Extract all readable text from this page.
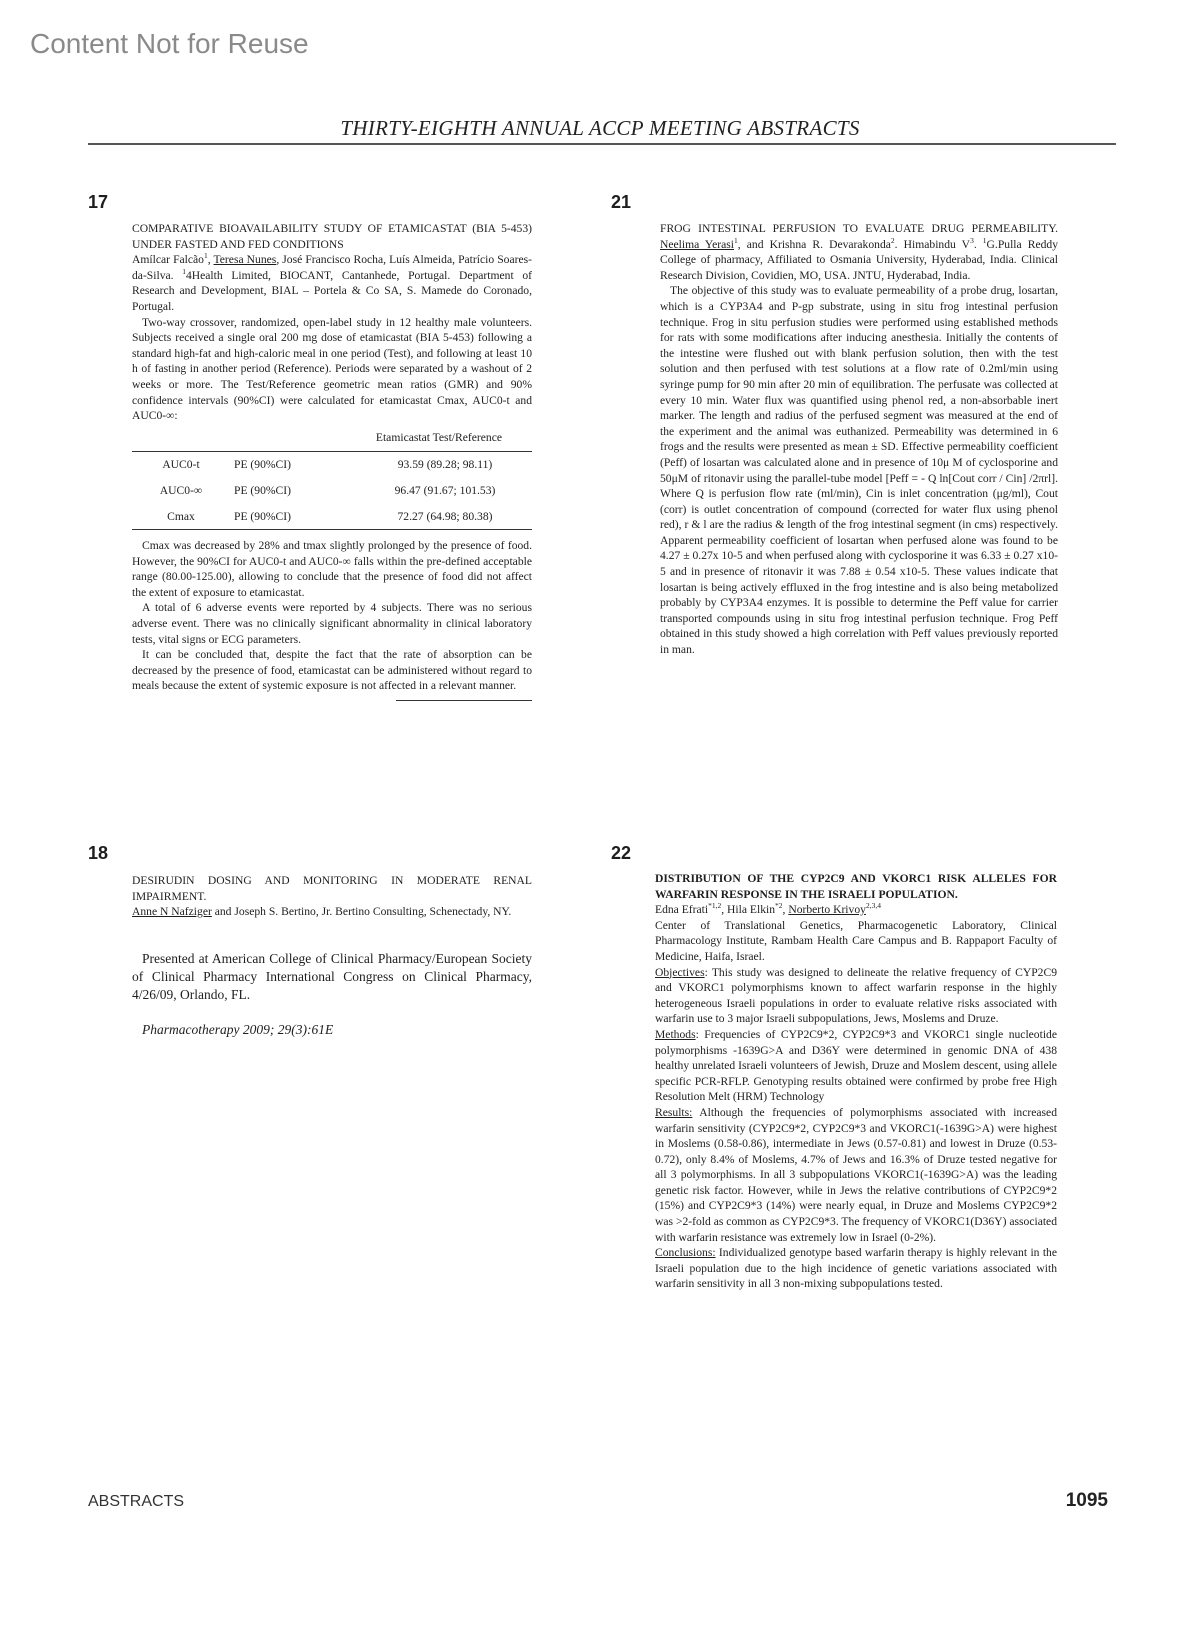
Content Not for Reuse
THIRTY-EIGHTH ANNUAL ACCP MEETING ABSTRACTS
17

COMPARATIVE BIOAVAILABILITY STUDY OF ETAMICASTAT (BIA 5-453) UNDER FASTED AND FED CONDITIONS

Amílcar Falcão$^1$, Teresa Nunes, José Francisco Rocha, Luís Almeida, Patrício Soares-da-Silva. $^1$4Health Limited, BIOCANT, Cantanhede, Portugal. Department of Research and Development, BIAL – Portela & Co SA, S. Mamede do Coronado, Portugal.

Two-way crossover, randomized, open-label study in 12 healthy male volunteers. Subjects received a single oral 200 mg dose of etamicastat (BIA 5-453) following a standard high-fat and high-caloric meal in one period (Test), and following at least 10 h of fasting in another period (Reference). Periods were separated by a washout of 2 weeks or more. The Test/Reference geometric mean ratios (GMR) and 90% confidence intervals (90%CI) were calculated for etamicastat Cmax, AUC0-t and AUC0-∞:

Etamicastat Test/Reference
AUC0-t	PE (90%CI)	93.59 (89.28; 98.11)
AUC0-∞	PE (90%CI)	96.47 (91.67; 101.53)
Cmax	PE (90%CI)	72.27 (64.98; 80.38)

Cmax was decreased by 28% and tmax slightly prolonged by the presence of food. However, the 90%CI for AUC0-t and AUC0-∞ falls within the pre-defined acceptable range (80.00-125.00), allowing to conclude that the presence of food did not affect the extent of exposure to etamicastat.

A total of 6 adverse events were reported by 4 subjects. There was no serious adverse event. There was no clinically significant abnormality in clinical laboratory tests, vital signs or ECG parameters.

It can be concluded that, despite the fact that the rate of absorption can be decreased by the presence of food, etamicastat can be administered without regard to meals because the extent of systemic exposure is not affected in a relevant manner.

18

DESIRUDIN DOSING AND MONITORING IN MODERATE RENAL IMPAIRMENT.

Anne N Nafziger and Joseph S. Bertino, Jr. Bertino Consulting, Schenectady, NY.

Presented at American College of Clinical Pharmacy/European Society of Clinical Pharmacy International Congress on Clinical Pharmacy, 4/26/09, Orlando, FL.

Pharmacotherapy 2009; 29(3):61E
21

FROG INTESTINAL PERFUSION TO EVALUATE DRUG PERMEABILITY. Neelima Yerasi$^1$, and Krishna R. Devarakonda$^2$. Himabindu $V^3$. $^1$G.Pulla Reddy College of pharmacy, Affiliated to Osmania University, Hyderabad, India. Clinical Research Division, Covidien, MO, USA. JNTU, Hyderabad, India.

The objective of this study was to evaluate permeability of a probe drug, losartan, which is a CYP3A4 and P-gp substrate, using in situ frog intestinal perfusion technique. Frog in situ perfusion studies were performed using established methods for rats with some modifications after inducing anesthesia. Initially the contents of the intestine were flushed out with blank perfusion solution, then with the test solution and then perfused with test solutions at a flow rate of 0.2ml/min using syringe pump for 90 min after 20 min of equilibration. The perfusate was collected at every 10 min. Water flux was quantified using phenol red, a non-absorbable inert marker. The length and radius of the perfused segment was measured at the end of the experiment and the animal was euthanized. Permeability was determined in 6 frogs and the results were presented as mean ± SD. Effective permeability coefficient (Peff) of losartan was calculated alone and in presence of 10μ M of cyclosporine and 50μM of ritonavir using the parallel-tube model [Peff = - Q ln[Cout corr / Cin] /2πrl]. Where Q is perfusion flow rate (ml/min), Cin is inlet concentration (μg/ml), Cout (corr) is outlet concentration of compound (corrected for water flux using phenol red), r & l are the radius & length of the frog intestinal segment (in cms) respectively. Apparent permeability coefficient of losartan when perfused alone was found to be 4.27 ± 0.27x 10-5 and when perfused along with cyclosporine it was 6.33 ± 0.27 x10-5 and in presence of ritonavir it was 7.88 ± 0.54 x10-5. These values indicate that losartan is being actively effluxed in the frog intestine and is also being metabolized probably by CYP3A4 enzymes. It is possible to determine the Peff value for carrier transported compounds using in situ frog intestinal perfusion technique. Frog Peff obtained in this study showed a high correlation with Peff values previously reported in man.

22

DISTRIBUTION OF THE CYP2C9 AND VKORC1 RISK ALLELES FOR WARFARIN RESPONSE IN THE ISRAELI POPULATION.

Edna Efrati$^{*1,2}$, Hila Elkin$^{*2}$, Norberto Krivoy$^{2,3,4}$

Center of Translational Genetics, Pharmacogenetic Laboratory, Clinical Pharmacology Institute, Rambam Health Care Campus and B. Rappaport Faculty of Medicine, Haifa, Israel.

Objectives: This study was designed to delineate the relative frequency of CYP2C9 and VKORC1 polymorphisms known to affect warfarin response in the highly heterogeneous Israeli populations in order to evaluate relative risks associated with warfarin use to 3 major Israeli subpopulations, Jews, Moslems and Druze.

Methods: Frequencies of CYP2C9*2, CYP2C9*3 and VKORC1 single nucleotide polymorphisms -1639G>A and D36Y were determined in genomic DNA of 438 healthy unrelated Israeli volunteers of Jewish, Druze and Moslem descent, using allele specific PCR-RFLP. Genotyping results obtained were confirmed by probe free High Resolution Melt (HRM) Technology

Results: Although the frequencies of polymorphisms associated with increased warfarin sensitivity (CYP2C9*2, CYP2C9*3 and VKORC1(-1639G>A) were highest in Moslems (0.58-0.86), intermediate in Jews (0.57-0.81) and lowest in Druze (0.53-0.72), only 8.4% of Moslems, 4.7% of Jews and 16.3% of Druze tested negative for all 3 polymorphisms. In all 3 subpopulations VKORC1(-1639G>A) was the leading genetic risk factor. However, while in Jews the relative contributions of CYP2C9*2 (15%) and CYP2C9*3 (14%) were nearly equal, in Druze and Moslems CYP2C9*2 was >2-fold as common as CYP2C9*3. The frequency of VKORC1(D36Y) associated with warfarin resistance was extremely low in Israel (0-2%).

Conclusions: Individualized genotype based warfarin therapy is highly relevant in the Israeli population due to the high incidence of genetic variations associated with warfarin sensitivity in all 3 non-mixing subpopulations tested.

ABSTRACTS	1095
